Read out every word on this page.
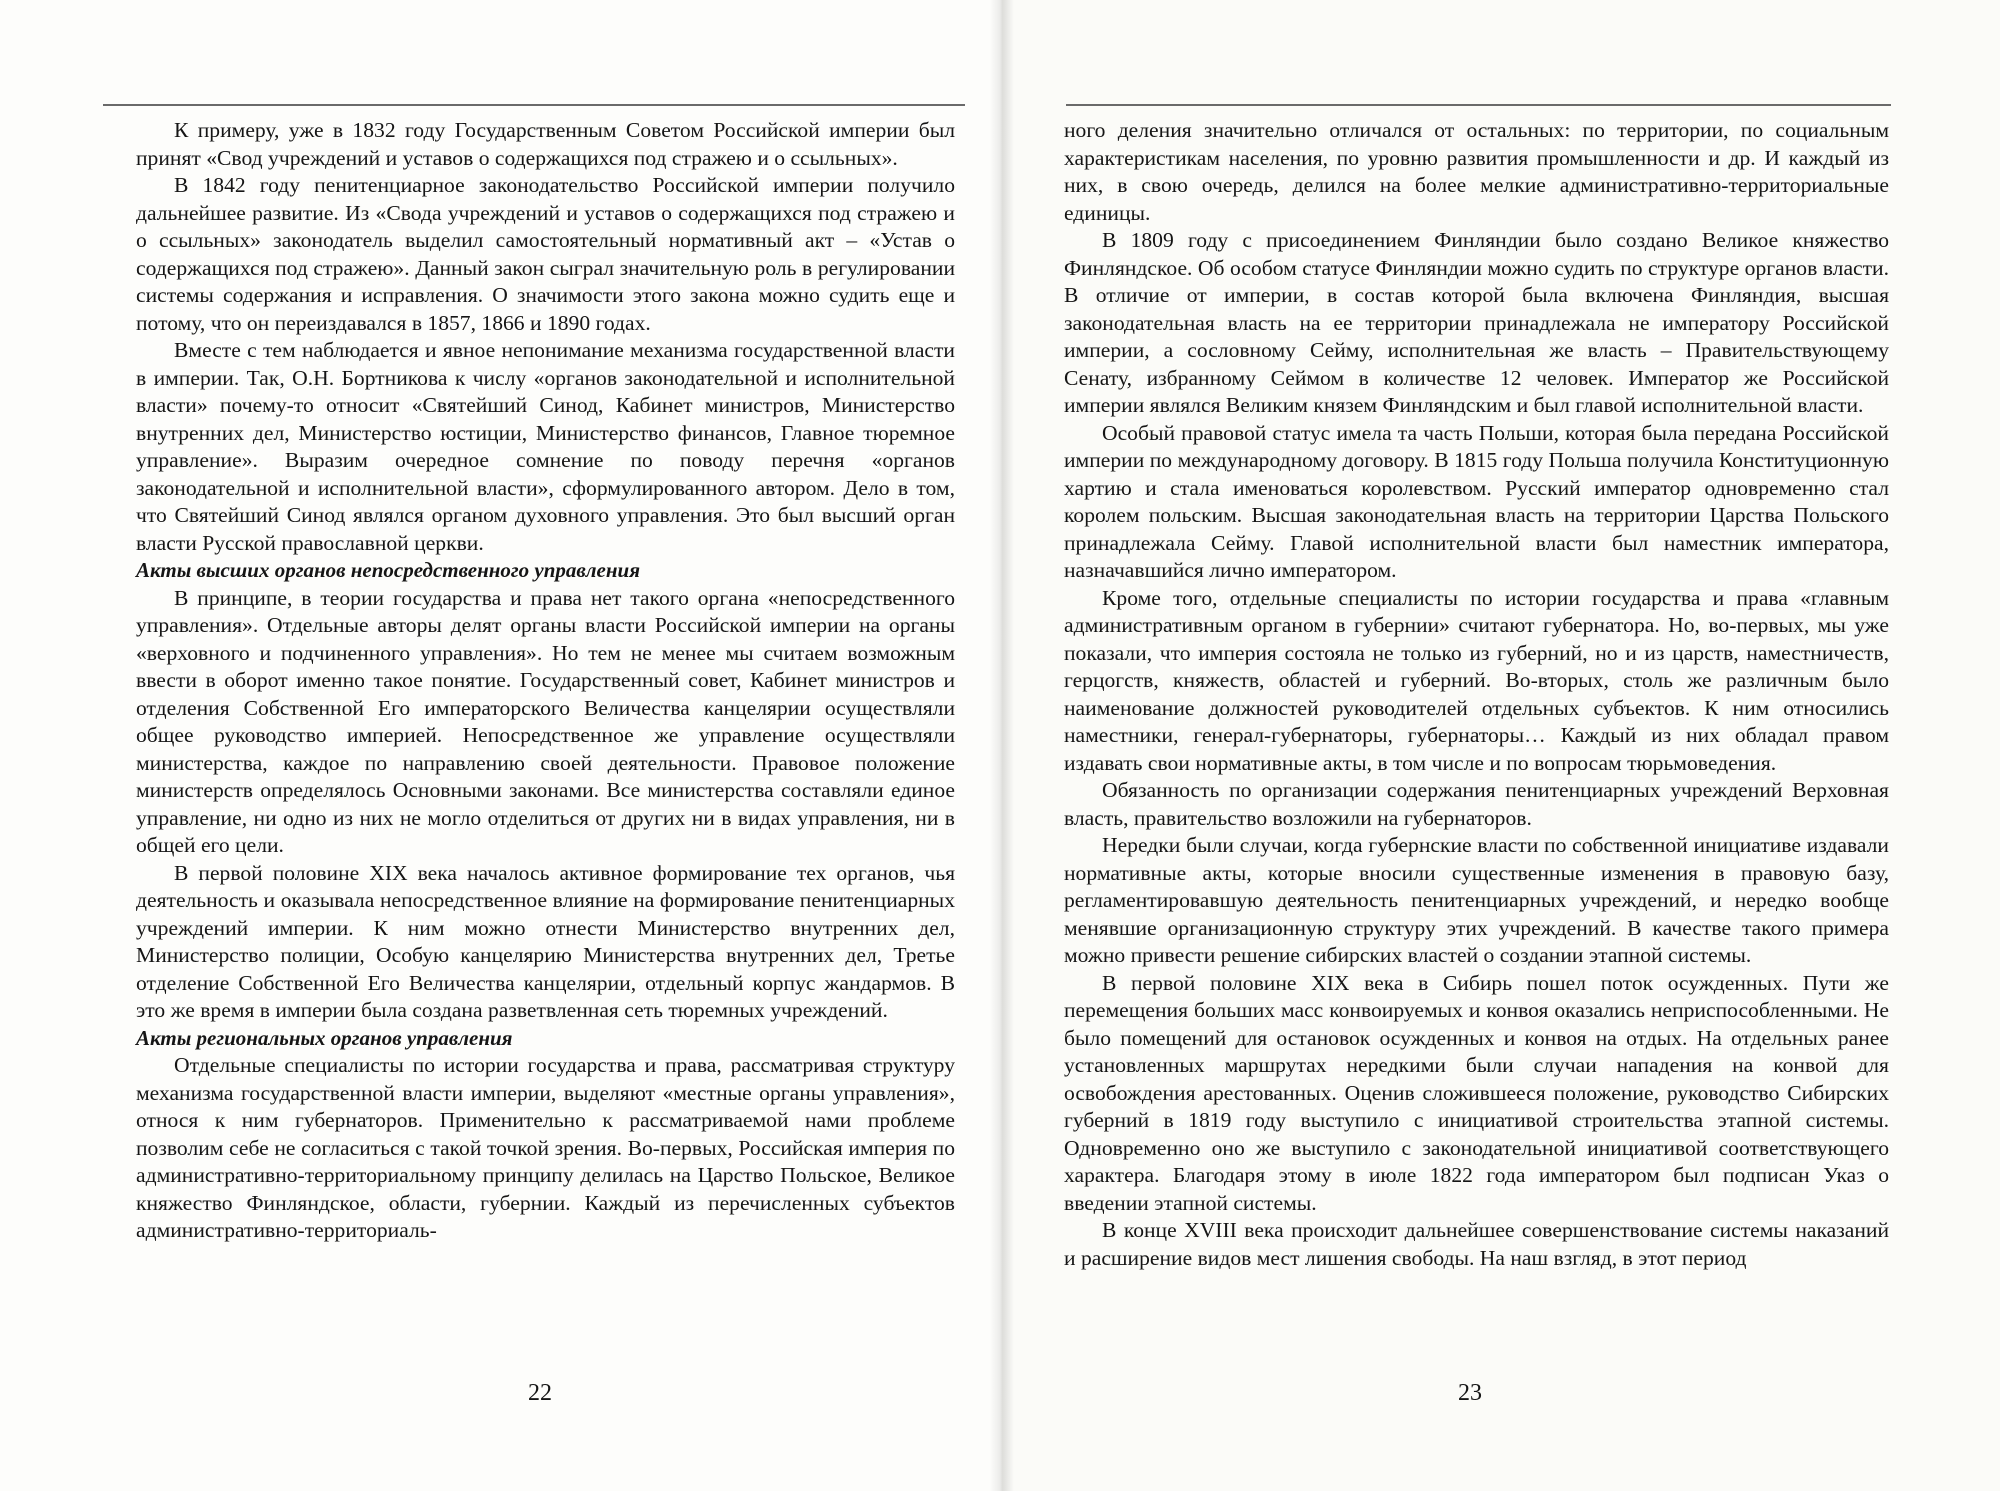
К примеру, уже в 1832 году Государственным Советом Российской империи был принят «Свод учреждений и уставов о содержащихся под стражею и о ссыльных».

В 1842 году пенитенциарное законодательство Российской империи получило дальнейшее развитие. Из «Свода учреждений и уставов о содержащихся под стражею и о ссыльных» законодатель выделил самостоятельный нормативный акт – «Устав о содержащихся под стражею». Данный закон сыграл значительную роль в регулировании системы содержания и исправления. О значимости этого закона можно судить еще и потому, что он переиздавался в 1857, 1866 и 1890 годах.

Вместе с тем наблюдается и явное непонимание механизма государственной власти в империи. Так, О.Н. Бортникова к числу «органов законодательной и исполнительной власти» почему-то относит «Святейший Синод, Кабинет министров, Министерство внутренних дел, Министерство юстиции, Министерство финансов, Главное тюремное управление». Выразим очередное сомнение по поводу перечня «органов законодательной и исполнительной власти», сформулированного автором. Дело в том, что Святейший Синод являлся органом духовного управления. Это был высший орган власти Русской православной церкви.

Акты высших органов непосредственного управления

В принципе, в теории государства и права нет такого органа «непосредственного управления». Отдельные авторы делят органы власти Российской империи на органы «верховного и подчиненного управления». Но тем не менее мы считаем возможным ввести в оборот именно такое понятие. Государственный совет, Кабинет министров и отделения Собственной Его императорского Величества канцелярии осуществляли общее руководство империей. Непосредственное же управление осуществляли министерства, каждое по направлению своей деятельности. Правовое положение министерств определялось Основными законами. Все министерства составляли единое управление, ни одно из них не могло отделиться от других ни в видах управления, ни в общей его цели.

В первой половине XIX века началось активное формирование тех органов, чья деятельность и оказывала непосредственное влияние на формирование пенитенциарных учреждений империи. К ним можно отнести Министерство внутренних дел, Министерство полиции, Особую канцелярию Министерства внутренних дел, Третье отделение Собственной Его Величества канцелярии, отдельный корпус жандармов. В это же время в империи была создана разветвленная сеть тюремных учреждений.

Акты региональных органов управления

Отдельные специалисты по истории государства и права, рассматривая структуру механизма государственной власти империи, выделяют «местные органы управления», относя к ним губернаторов. Применительно к рассматриваемой нами проблеме позволим себе не согласиться с такой точкой зрения. Во-первых, Российская империя по административно-территориальному принципу делилась на Царство Польское, Великое княжество Финляндское, области, губернии. Каждый из перечисленных субъектов административно-территориаль-

22

ного деления значительно отличался от остальных: по территории, по социальным характеристикам населения, по уровню развития промышленности и др. И каждый из них, в свою очередь, делился на более мелкие административно-территориальные единицы.

В 1809 году с присоединением Финляндии было создано Великое княжество Финляндское. Об особом статусе Финляндии можно судить по структуре органов власти. В отличие от империи, в состав которой была включена Финляндия, высшая законодательная власть на ее территории принадлежала не императору Российской империи, а сословному Сейму, исполнительная же власть – Правительствующему Сенату, избранному Сеймом в количестве 12 человек. Император же Российской империи являлся Великим князем Финляндским и был главой исполнительной власти.

Особый правовой статус имела та часть Польши, которая была передана Российской империи по международному договору. В 1815 году Польша получила Конституционную хартию и стала именоваться королевством. Русский император одновременно стал королем польским. Высшая законодательная власть на территории Царства Польского принадлежала Сейму. Главой исполнительной власти был наместник императора, назначавшийся лично императором.

Кроме того, отдельные специалисты по истории государства и права «главным административным органом в губернии» считают губернатора. Но, во-первых, мы уже показали, что империя состояла не только из губерний, но и из царств, наместничеств, герцогств, княжеств, областей и губерний. Во-вторых, столь же различным было наименование должностей руководителей отдельных субъектов. К ним относились наместники, генерал-губернаторы, губернаторы… Каждый из них обладал правом издавать свои нормативные акты, в том числе и по вопросам тюрьмоведения.

Обязанность по организации содержания пенитенциарных учреждений Верховная власть, правительство возложили на губернаторов.

Нередки были случаи, когда губернские власти по собственной инициативе издавали нормативные акты, которые вносили существенные изменения в правовую базу, регламентировавшую деятельность пенитенциарных учреждений, и нередко вообще менявшие организационную структуру этих учреждений. В качестве такого примера можно привести решение сибирских властей о создании этапной системы.

В первой половине XIX века в Сибирь пошел поток осужденных. Пути же перемещения больших масс конвоируемых и конвоя оказались неприспособленными. Не было помещений для остановок осужденных и конвоя на отдых. На отдельных ранее установленных маршрутах нередкими были случаи нападения на конвой для освобождения арестованных. Оценив сложившееся положение, руководство Сибирских губерний в 1819 году выступило с инициативой строительства этапной системы. Одновременно оно же выступило с законодательной инициативой соответствующего характера. Благодаря этому в июле 1822 года императором был подписан Указ о введении этапной системы.

В конце XVIII века происходит дальнейшее совершенствование системы наказаний и расширение видов мест лишения свободы. На наш взгляд, в этот период

23
